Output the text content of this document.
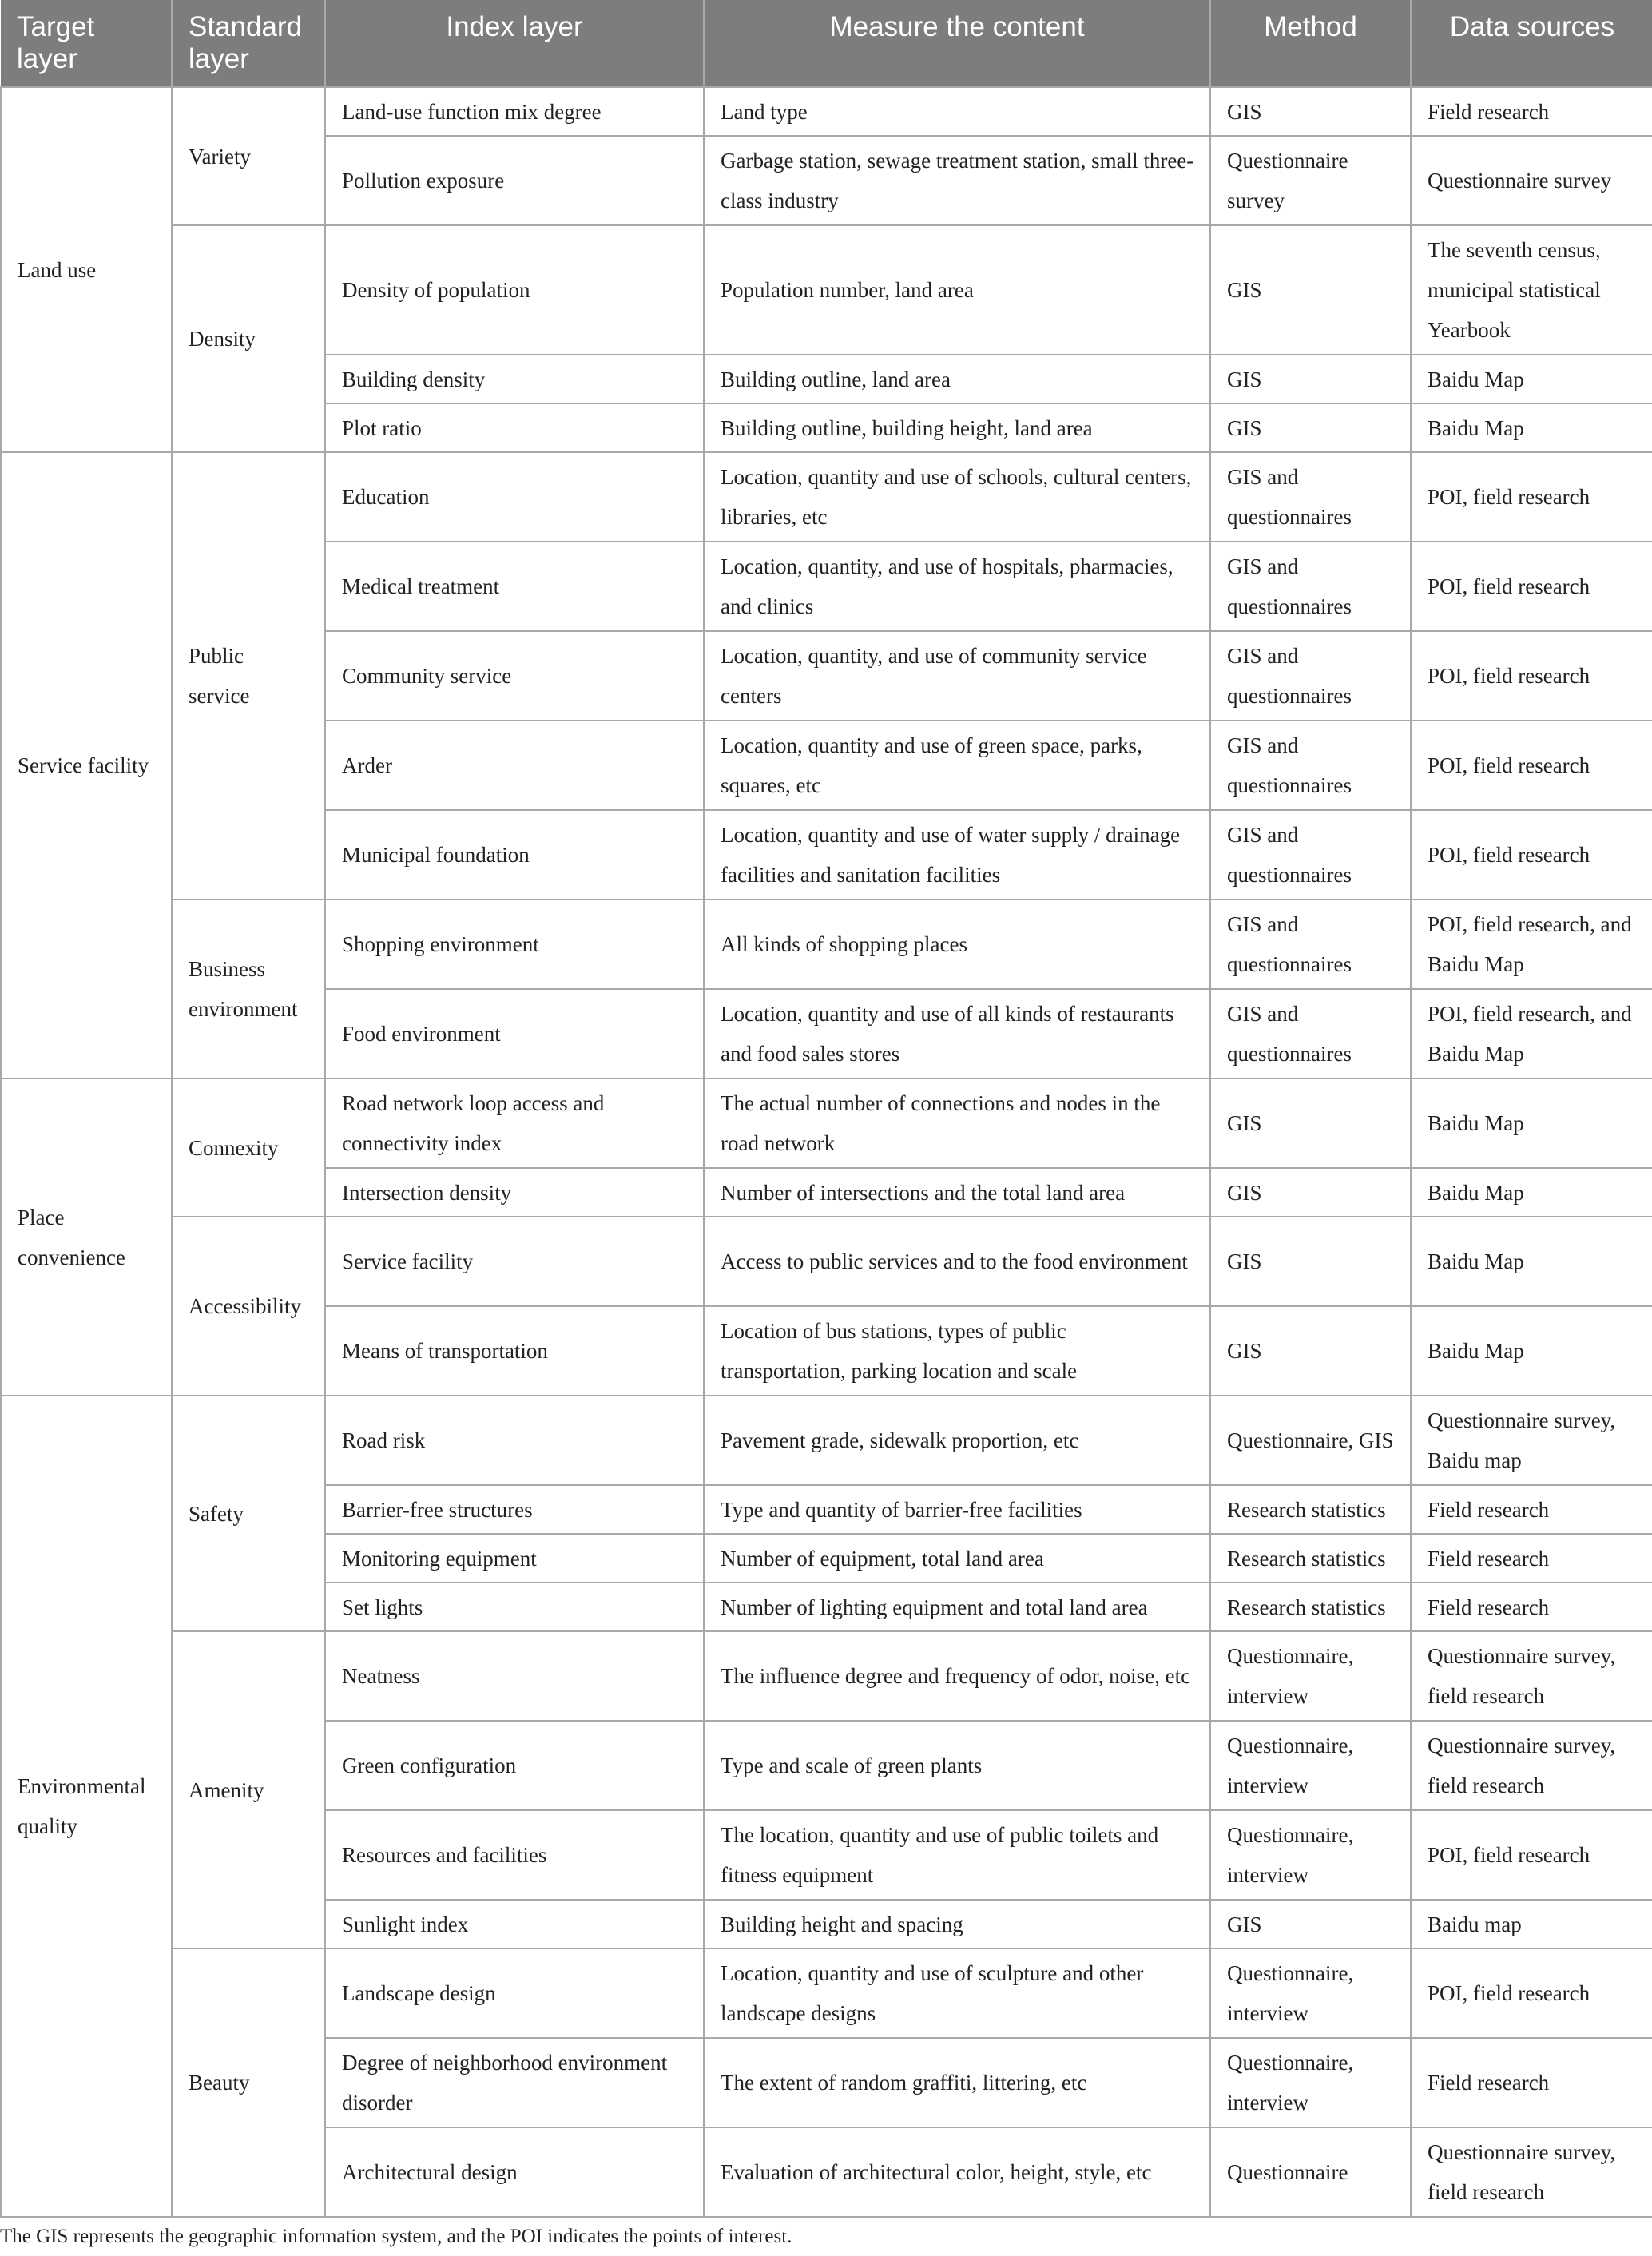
Target layer	Standard layer	Index layer	Measure the content	Method	Data sources
Land use	Variety	Land-use function mix degree	Land type	GIS	Field research
		Pollution exposure	Garbage station, sewage treatment station, small three-class industry	Questionnaire survey	Questionnaire survey
	Density	Density of population	Population number, land area	GIS	The seventh census, municipal statistical Yearbook
		Building density	Building outline, land area	GIS	Baidu Map
		Plot ratio	Building outline, building height, land area	GIS	Baidu Map
Service facility	Public service	Education	Location, quantity and use of schools, cultural centers, libraries, etc	GIS and questionnaires	POI, field research
		Medical treatment	Location, quantity, and use of hospitals, pharmacies, and clinics	GIS and questionnaires	POI, field research
		Community service	Location, quantity, and use of community service centers	GIS and questionnaires	POI, field research
		Arder	Location, quantity and use of green space, parks, squares, etc	GIS and questionnaires	POI, field research
		Municipal foundation	Location, quantity and use of water supply / drainage facilities and sanitation facilities	GIS and questionnaires	POI, field research
	Business environment	Shopping environment	All kinds of shopping places	GIS and questionnaires	POI, field research, and Baidu Map
		Food environment	Location, quantity and use of all kinds of restaurants and food sales stores	GIS and questionnaires	POI, field research, and Baidu Map
Place convenience	Connexity	Road network loop access and connectivity index	The actual number of connections and nodes in the road network	GIS	Baidu Map
		Intersection density	Number of intersections and the total land area	GIS	Baidu Map
	Accessibility	Service facility	Access to public services and to the food environment	GIS	Baidu Map
		Means of transportation	Location of bus stations, types of public transportation, parking location and scale	GIS	Baidu Map
Environmental quality	Safety	Road risk	Pavement grade, sidewalk proportion, etc	Questionnaire, GIS	Questionnaire survey, Baidu map
		Barrier-free structures	Type and quantity of barrier-free facilities	Research statistics	Field research
		Monitoring equipment	Number of equipment, total land area	Research statistics	Field research
		Set lights	Number of lighting equipment and total land area	Research statistics	Field research
	Amenity	Neatness	The influence degree and frequency of odor, noise, etc	Questionnaire, interview	Questionnaire survey, field research
		Green configuration	Type and scale of green plants	Questionnaire, interview	Questionnaire survey, field research
		Resources and facilities	The location, quantity and use of public toilets and fitness equipment	Questionnaire, interview	POI, field research
		Sunlight index	Building height and spacing	GIS	Baidu map
	Beauty	Landscape design	Location, quantity and use of sculpture and other landscape designs	Questionnaire, interview	POI, field research
		Degree of neighborhood environment disorder	The extent of random graffiti, littering, etc	Questionnaire, interview	Field research
		Architectural design	Evaluation of architectural color, height, style, etc	Questionnaire	Questionnaire survey, field research
The GIS represents the geographic information system, and the POI indicates the points of interest.
